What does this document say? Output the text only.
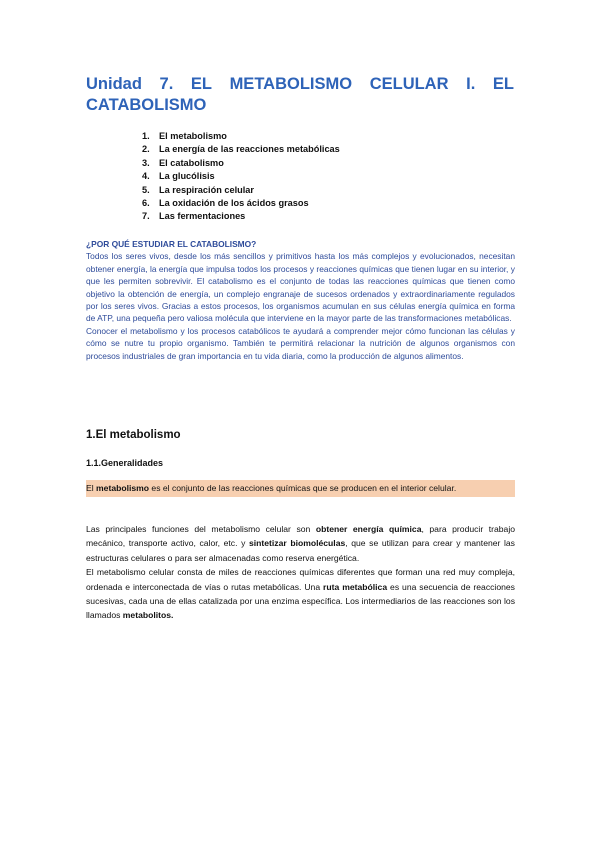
Unidad 7. EL METABOLISMO CELULAR I. EL
CATABOLISMO
1.	El metabolismo
2.	La energía de las reacciones metabólicas
3.	El catabolismo
4.	La glucólisis
5.	La respiración celular
6.	La oxidación de los ácidos grasos
7.	Las fermentaciones
¿POR QUÉ ESTUDIAR EL CATABOLISMO?

Todos los seres vivos, desde los más sencillos y primitivos hasta los más complejos y evolucionados, necesitan obtener energía, la energía que impulsa todos los procesos y reacciones químicas que tienen lugar en su interior, y que les permiten sobrevivir. El catabolismo es el conjunto de todas las reacciones químicas que tienen como objetivo la obtención de energía, un complejo engranaje de sucesos ordenados y extraordinariamente regulados por los seres vivos. Gracias a estos procesos, los organismos acumulan en sus células energía química en forma de ATP, una pequeña pero valiosa molécula que interviene en la mayor parte de las transformaciones metabólicas.

Conocer el metabolismo y los procesos catabólicos te ayudará a comprender mejor cómo funcionan las células y cómo se nutre tu propio organismo. También te permitirá relacionar la nutrición de algunos organismos con procesos industriales de gran importancia en tu vida diaria, como la producción de algunos alimentos.

1.El metabolismo
1.1.Generalidades
El metabolismo es el conjunto de las reacciones químicas que se producen en el interior celular.

Las principales funciones del metabolismo celular son obtener energía química, para producir trabajo mecánico, transporte activo, calor, etc. y sintetizar biomoléculas, que se utilizan para crear y mantener las estructuras celulares o para ser almacenadas como reserva energética.

El metabolismo celular consta de miles de reacciones químicas diferentes que forman una red muy compleja, ordenada e interconectada de vías o rutas metabólicas. Una ruta metabólica es una secuencia de reacciones sucesivas, cada una de ellas catalizada por una enzima específica. Los intermediarios de las reacciones son los llamados metabolitos.
